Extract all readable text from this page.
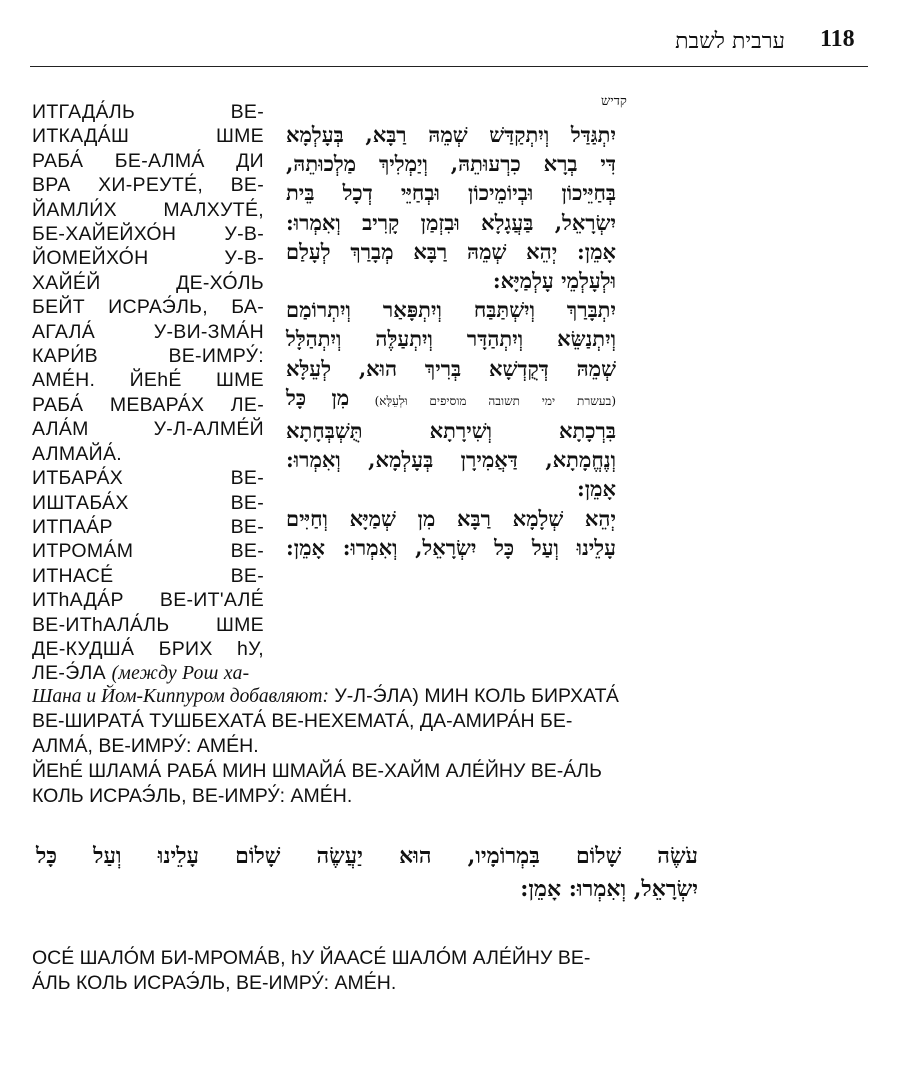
118
ערבית לשבת
ИТГАДА́ЛЬ ВЕ-
ИТКАДА́Ш ШМЕ
РАБА́ БЕ-АЛМА́ ДИ
ВРА ХИ-РЕУТЕ́, ВЕ-
ЙАМЛИ́Х МАЛХУТЕ́,
БЕ-ХАЙЕЙХО́Н У-В-
ЙОМЕЙХО́Н У-В-
ХАЙЕ́Й ДЕ-ХО́ЛЬ
БЕЙТ ИСРАЭ́ЛЬ, БА-
АГАЛА́ У-ВИ-ЗМА́Н
КАРИ́В ВЕ-ИМРУ́:
АМЕ́Н. ЙЕhЕ́ ШМЕ
РАБА́ МЕВАРА́Х ЛЕ-
АЛА́М У-Л-АЛМЕ́Й
АЛМАЙА́.
ИТБАРА́Х ВЕ-
ИШТАБА́Х ВЕ-
ИТПАА́Р ВЕ-
ИТРОМА́М ВЕ-
ИТНАСЕ́ ВЕ-
ИТhАДА́Р ВЕ-ИТ'АЛЕ́
ВЕ-ИТhАЛА́ЛЬ ШМЕ
ДЕ-КУДША́ БРИХ hУ,
ЛЕ-Э́ЛА (между Рош ха-
קדיש
יִתְגַּדַּל וְיִתְקַדַּשׁ שְׁמֵהּ רַבָּא, בְּעָלְמָא
דִּי בְרָא כִרְעוּתֵהּ, וְיַמְלִיךְ מַלְכוּתֵהּ,
בְּחַיֵּיכוֹן וּבְיוֹמֵיכוֹן וּבְחַיֵּי דְכָל בֵּית
יִשְׂרָאֵל, בַּעֲגָלָא וּבִזְמַן קָרִיב וְאִמְרוּ:
אָמֵן: יְהֵא שְׁמֵהּ רַבָּא מְבָרַךְ לְעָלַם
וּלְעָלְמֵי עָלְמַיָּא:
יִתְבָּרַךְ וְיִשְׁתַּבַּח וְיִתְפָּאַר וְיִתְרוֹמַם
וְיִתְנַשֵּׂא וְיִתְהַדָּר וְיִתְעַלֶּה וְיִתְהַלָּל
שְׁמֵהּ דְּקֻדְשָׁא בְּרִיךְ הוּא, לְעֵלָּא
(בעשרת ימי תשובה מוסיפים וּלְעֵלָּא) מִן כָּל
בִּרְכָתָא וְשִׁירָתָא תֻּשְׁבְּחָתָא
וְנֶחֱמָתָא, דַּאֲמִירָן בְּעָלְמָא, וְאִמְרוּ:
אָמֵן:
יְהֵא שְׁלָמָא רַבָּא מִן שְׁמַיָּא וְחַיִּים
עָלֵינוּ וְעַל כָּל יִשְׂרָאֵל, וְאִמְרוּ: אָמֵן:
Шана и Йом-Киппуром добавляют: У-Л-Э́ЛА) МИН КОЛЬ БИРХАТА́
ВЕ-ШИРАТА́ ТУШБЕХАТА́ ВЕ-НЕХЕМАТА́, ДА-АМИРА́Н БЕ-
АЛМА́, ВЕ-ИМРУ́: АМЕ́Н.
ЙЕhЕ́ ШЛАМА́ РАБА́ МИН ШМАЙА́ ВЕ-ХАЙМ АЛЕ́ЙНУ ВЕ-А́ЛЬ
КОЛЬ ИСРАЭ́ЛЬ, ВЕ-ИМРУ́: АМЕ́Н.
עֹשֶׂה שָׁלוֹם בִּמְרוֹמָיו, הוּא יַעֲשֶׂה שָׁלוֹם עָלֵינוּ וְעַל כָּל
יִשְׂרָאֵל, וְאִמְרוּ: אָמֵן:
ОСЕ́ ШАЛО́М БИ-МРОМА́В, hУ ЙААСЕ́ ШАЛО́М АЛЕ́ЙНУ ВЕ-
А́ЛЬ КОЛЬ ИСРАЭ́ЛЬ, ВЕ-ИМРУ́: АМЕ́Н.
